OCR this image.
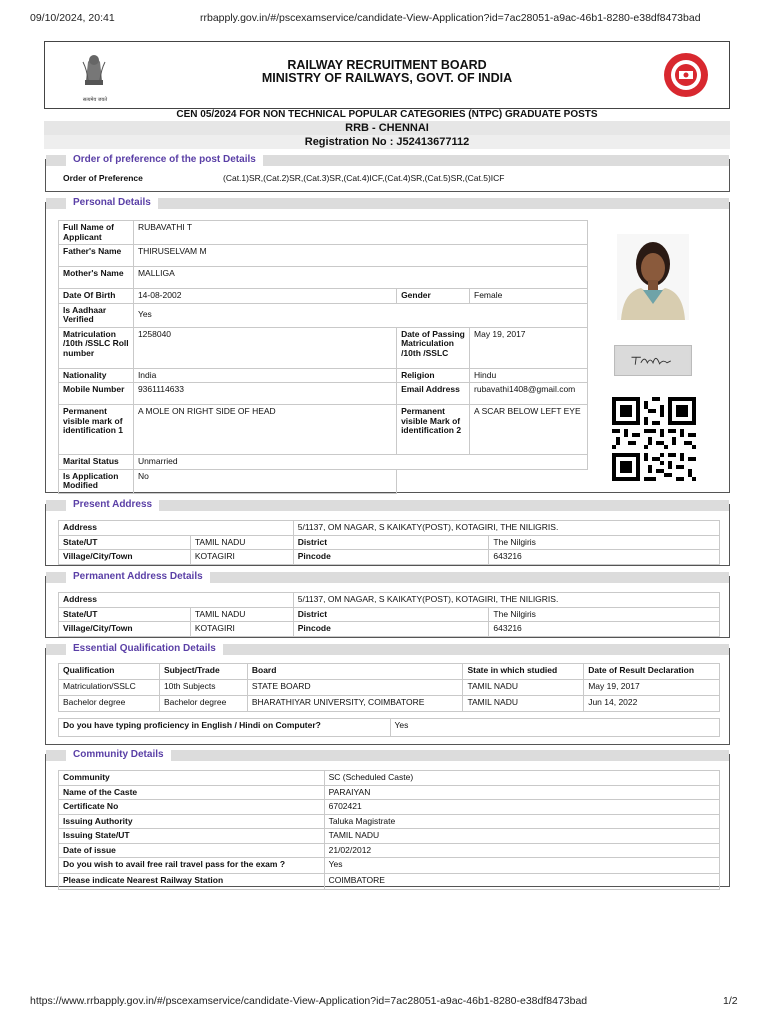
09/10/2024, 20:41	rrbapply.gov.in/#/pscexamservice/candidate-View-Application?id=7ac28051-a9ac-46b1-8280-e38df8473bad
सत्यमेव जयते
RAILWAY RECRUITMENT BOARD
MINISTRY OF RAILWAYS, GOVT. OF INDIA
CEN 05/2024 FOR NON TECHNICAL POPULAR CATEGORIES (NTPC) GRADUATE POSTS
RRB - CHENNAI
Registration No : J52413677112
Order of preference of the post Details
Order of Preference	(Cat.1)SR,(Cat.2)SR,(Cat.3)SR,(Cat.4)ICF,(Cat.4)SR,(Cat.5)SR,(Cat.5)ICF
Personal Details
Full Name of Applicant	RUBAVATHI T		
Father's Name	THIRUSELVAM M		
Mother's Name	MALLIGA		
Date Of Birth	14-08-2002	Gender	Female
Is Aadhaar Verified	Yes		
Matriculation /10th /SSLC Roll number	1258040	Date of Passing Matriculation /10th /SSLC	May 19, 2017
Nationality	India	Religion	Hindu
Mobile Number	9361114633	Email Address	rubavathi1408@gmail.com
Permanent visible mark of identification 1	A MOLE ON RIGHT SIDE OF HEAD	Permanent visible Mark of identification 2	A SCAR BELOW LEFT EYE
Marital Status	Unmarried		
Is Application Modified	No		
Present Address
Address		5/1137, OM NAGAR, S KAIKATY(POST), KOTAGIRI, THE NILIGRIS.	
State/UT	TAMIL NADU	District	The Nilgiris
Village/City/Town	KOTAGIRI	Pincode	643216
Permanent Address Details
Address		5/1137, OM NAGAR, S KAIKATY(POST), KOTAGIRI, THE NILIGRIS.	
State/UT	TAMIL NADU	District	The Nilgiris
Village/City/Town	KOTAGIRI	Pincode	643216
Essential Qualification Details
Qualification	Subject/Trade	Board	State in which studied	Date of Result Declaration
Matriculation/SSLC	10th Subjects	STATE BOARD	TAMIL NADU	May 19, 2017
Bachelor degree	Bachelor degree	BHARATHIYAR UNIVERSITY, COIMBATORE	TAMIL NADU	Jun 14, 2022
Do you have typing proficiency in English / Hindi on Computer?	Yes
Community Details
Community	SC (Scheduled Caste)
Name of the Caste	PARAIYAN
Certificate No	6702421
Issuing Authority	Taluka Magistrate
Issuing State/UT	TAMIL NADU
Date of issue	21/02/2012
Do you wish to avail free rail travel pass for the exam ?	Yes
Please indicate Nearest Railway Station	COIMBATORE
https://www.rrbapply.gov.in/#/pscexamservice/candidate-View-Application?id=7ac28051-a9ac-46b1-8280-e38df8473bad	1/2
